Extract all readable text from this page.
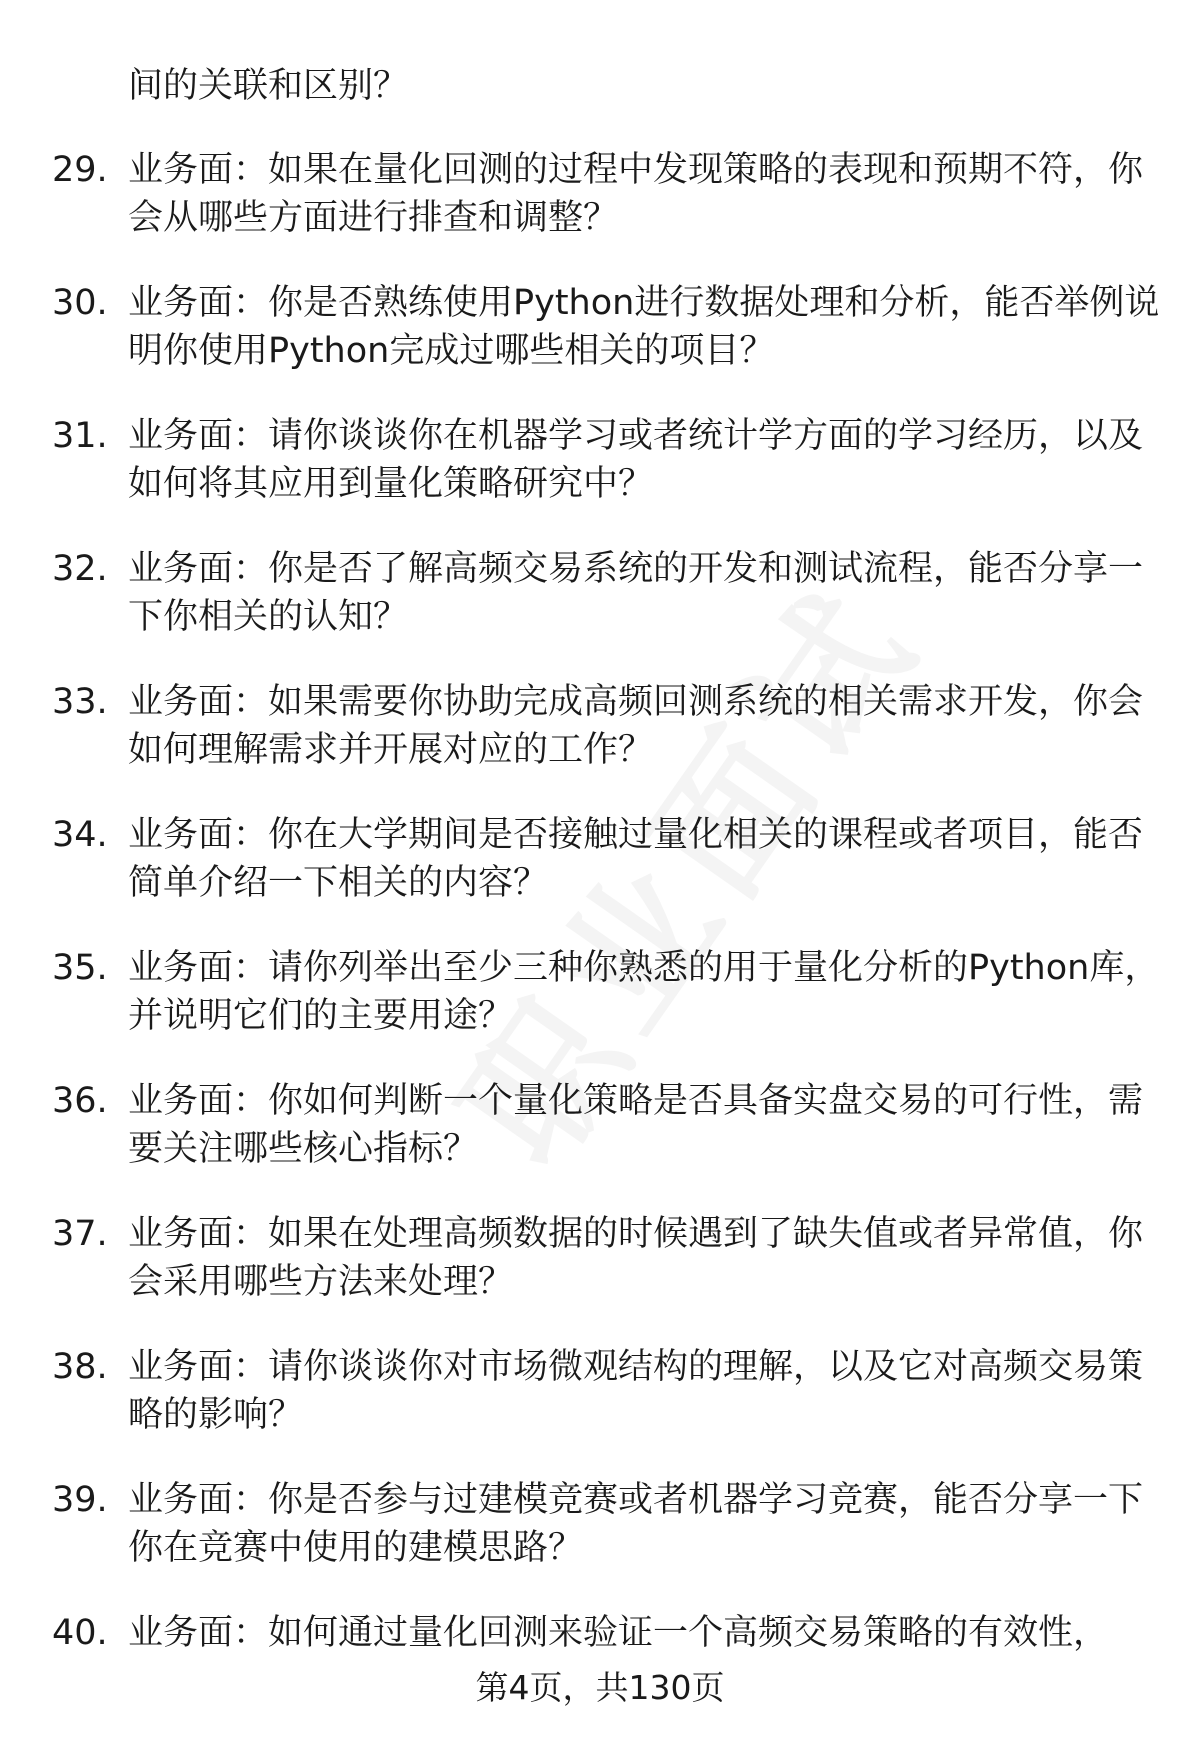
间的关联和区别？
29. 业务面：如果在量化回测的过程中发现策略的表现和预期不符，你会从哪些方面进行排查和调整？
30. 业务面：你是否熟练使用Python进行数据处理和分析，能否举例说明你使用Python完成过哪些相关的项目？
31. 业务面：请你谈谈你在机器学习或者统计学方面的学习经历，以及如何将其应用到量化策略研究中？
32. 业务面：你是否了解高频交易系统的开发和测试流程，能否分享一下你相关的认知？
33. 业务面：如果需要你协助完成高频回测系统的相关需求开发，你会如何理解需求并开展对应的工作？
34. 业务面：你在大学期间是否接触过量化相关的课程或者项目，能否简单介绍一下相关的内容？
35. 业务面：请你列举出至少三种你熟悉的用于量化分析的Python库，并说明它们的主要用途？
36. 业务面：你如何判断一个量化策略是否具备实盘交易的可行性，需要关注哪些核心指标？
37. 业务面：如果在处理高频数据的时候遇到了缺失值或者异常值，你会采用哪些方法来处理？
38. 业务面：请你谈谈你对市场微观结构的理解，以及它对高频交易策略的影响？
39. 业务面：你是否参与过建模竞赛或者机器学习竞赛，能否分享一下你在竞赛中使用的建模思路？
40. 业务面：如何通过量化回测来验证一个高频交易策略的有效性，
第4页，共130页
